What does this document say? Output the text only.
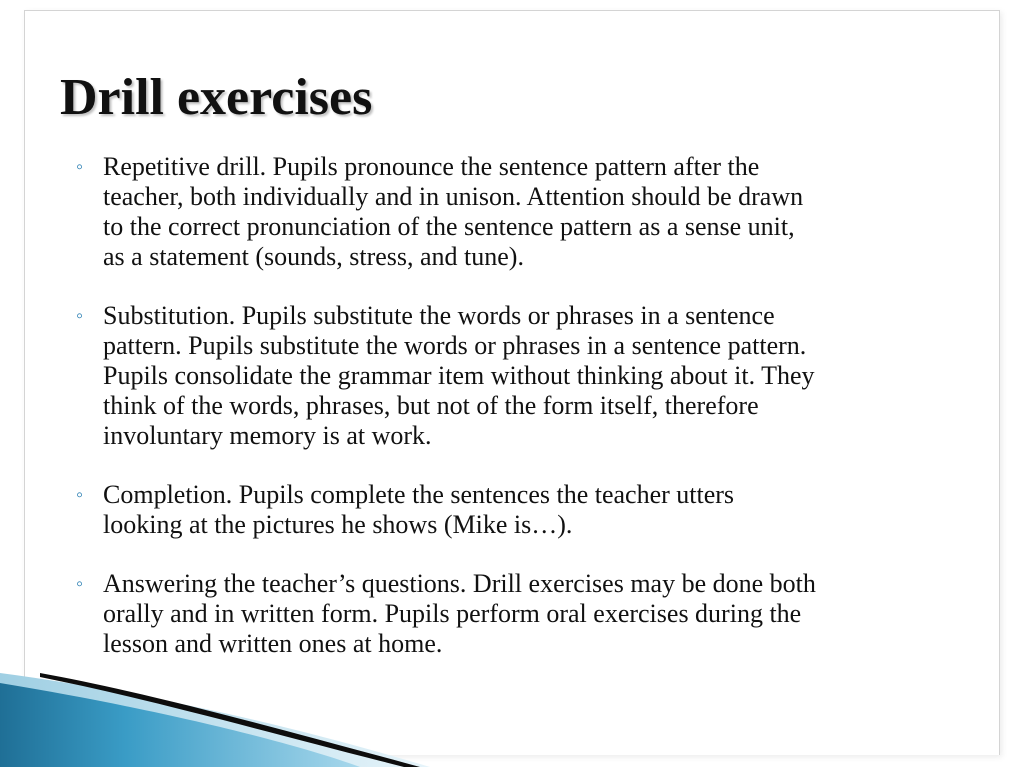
Drill exercises
◦ Repetitive drill. Pupils pronounce the sentence pattern after the
teacher, both individually and in unison. Attention should be drawn
to the correct pronunciation of the sentence pattern as a sense unit,
as a statement (sounds, stress, and tune).
◦ Substitution. Pupils substitute the words or phrases in a sentence
pattern. Pupils substitute the words or phrases in a sentence pattern.
Pupils consolidate the grammar item without thinking about it. They
think of the words, phrases, but not of the form itself, therefore
involuntary memory is at work.
◦ Completion. Pupils complete the sentences the teacher utters
looking at the pictures he shows (Mike is…).
◦ Answering the teacher’s questions. Drill exercises may be done both
orally and in written form. Pupils perform oral exercises during the
lesson and written ones at home.
